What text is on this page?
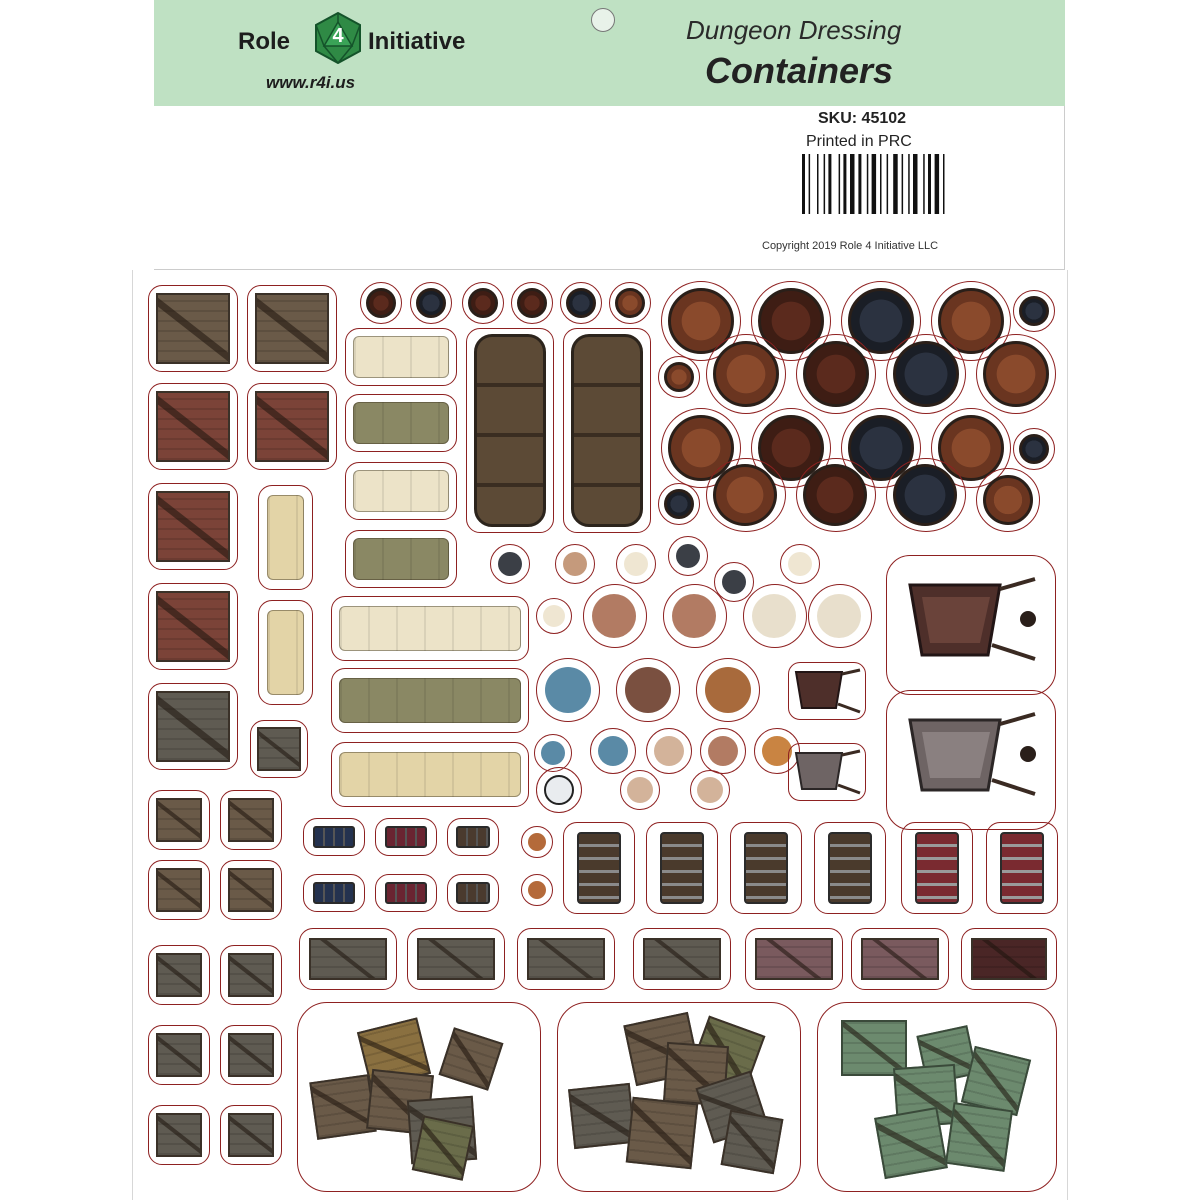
Role	4	Initiative
www.r4i.us
Dungeon Dressing
Containers
SKU: 45102
Printed in PRC
Copyright 2019 Role 4 Initiative LLC
